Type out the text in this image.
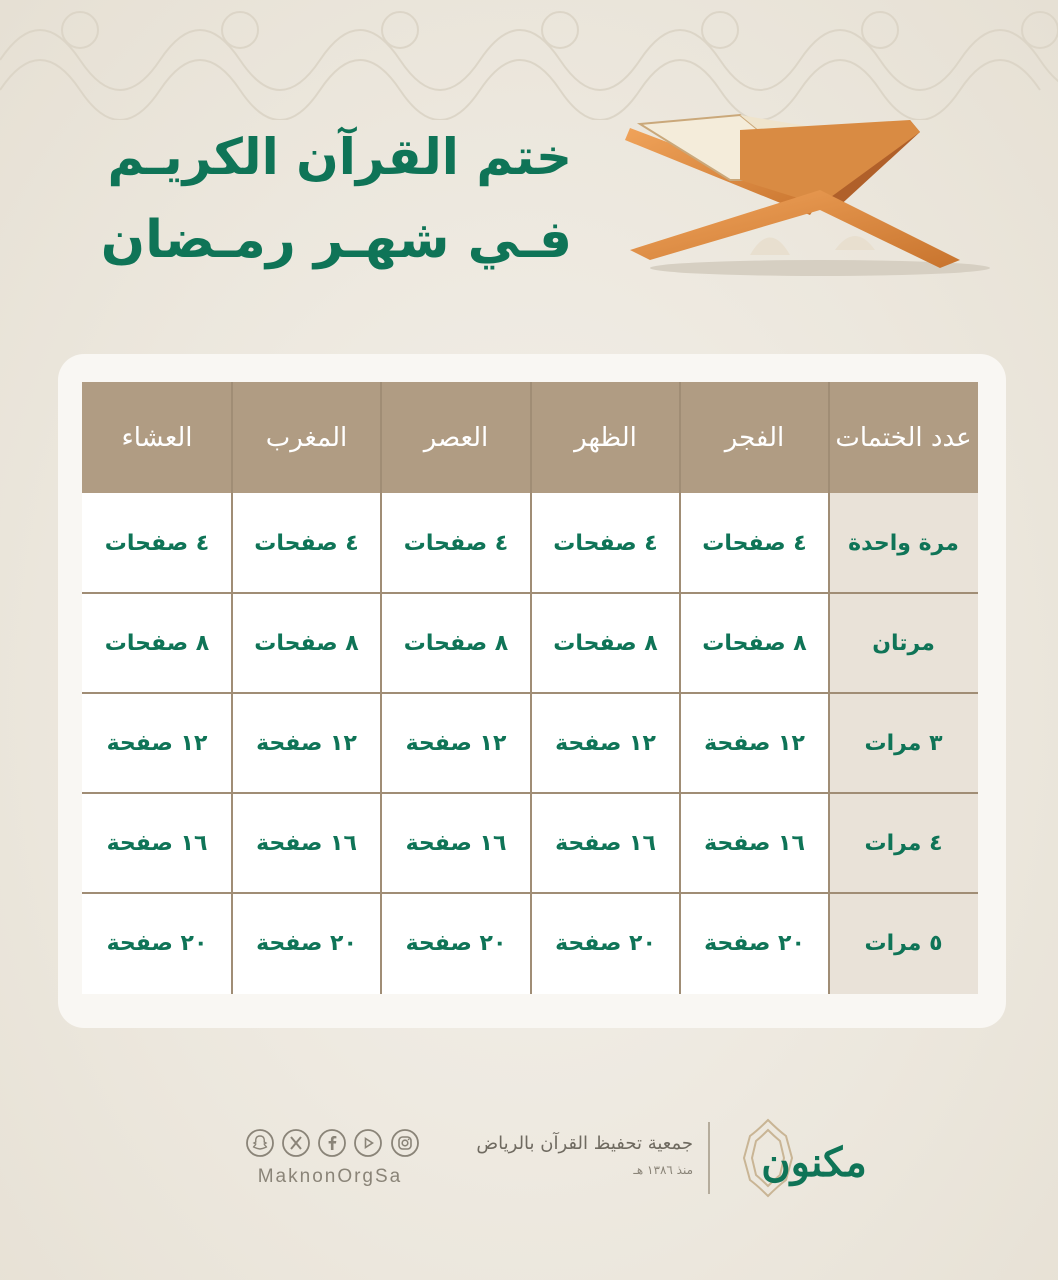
ختم القرآن الكريـم
فـي شهـر رمـضان
عدد الختمات
الفجر
الظهر
العصر
المغرب
العشاء
مرة واحدة
٤ صفحات
٤ صفحات
٤ صفحات
٤ صفحات
٤ صفحات
مرتان
٨ صفحات
٨ صفحات
٨ صفحات
٨ صفحات
٨ صفحات
٣ مرات
١٢ صفحة
١٢ صفحة
١٢ صفحة
١٢ صفحة
١٢ صفحة
٤ مرات
١٦ صفحة
١٦ صفحة
١٦ صفحة
١٦ صفحة
١٦ صفحة
٥ مرات
٢٠ صفحة
٢٠ صفحة
٢٠ صفحة
٢٠ صفحة
٢٠ صفحة
MaknonOrgSa
جمعية تحفيظ القرآن بالرياض
منذ ١٣٨٦ هـ مكنون
